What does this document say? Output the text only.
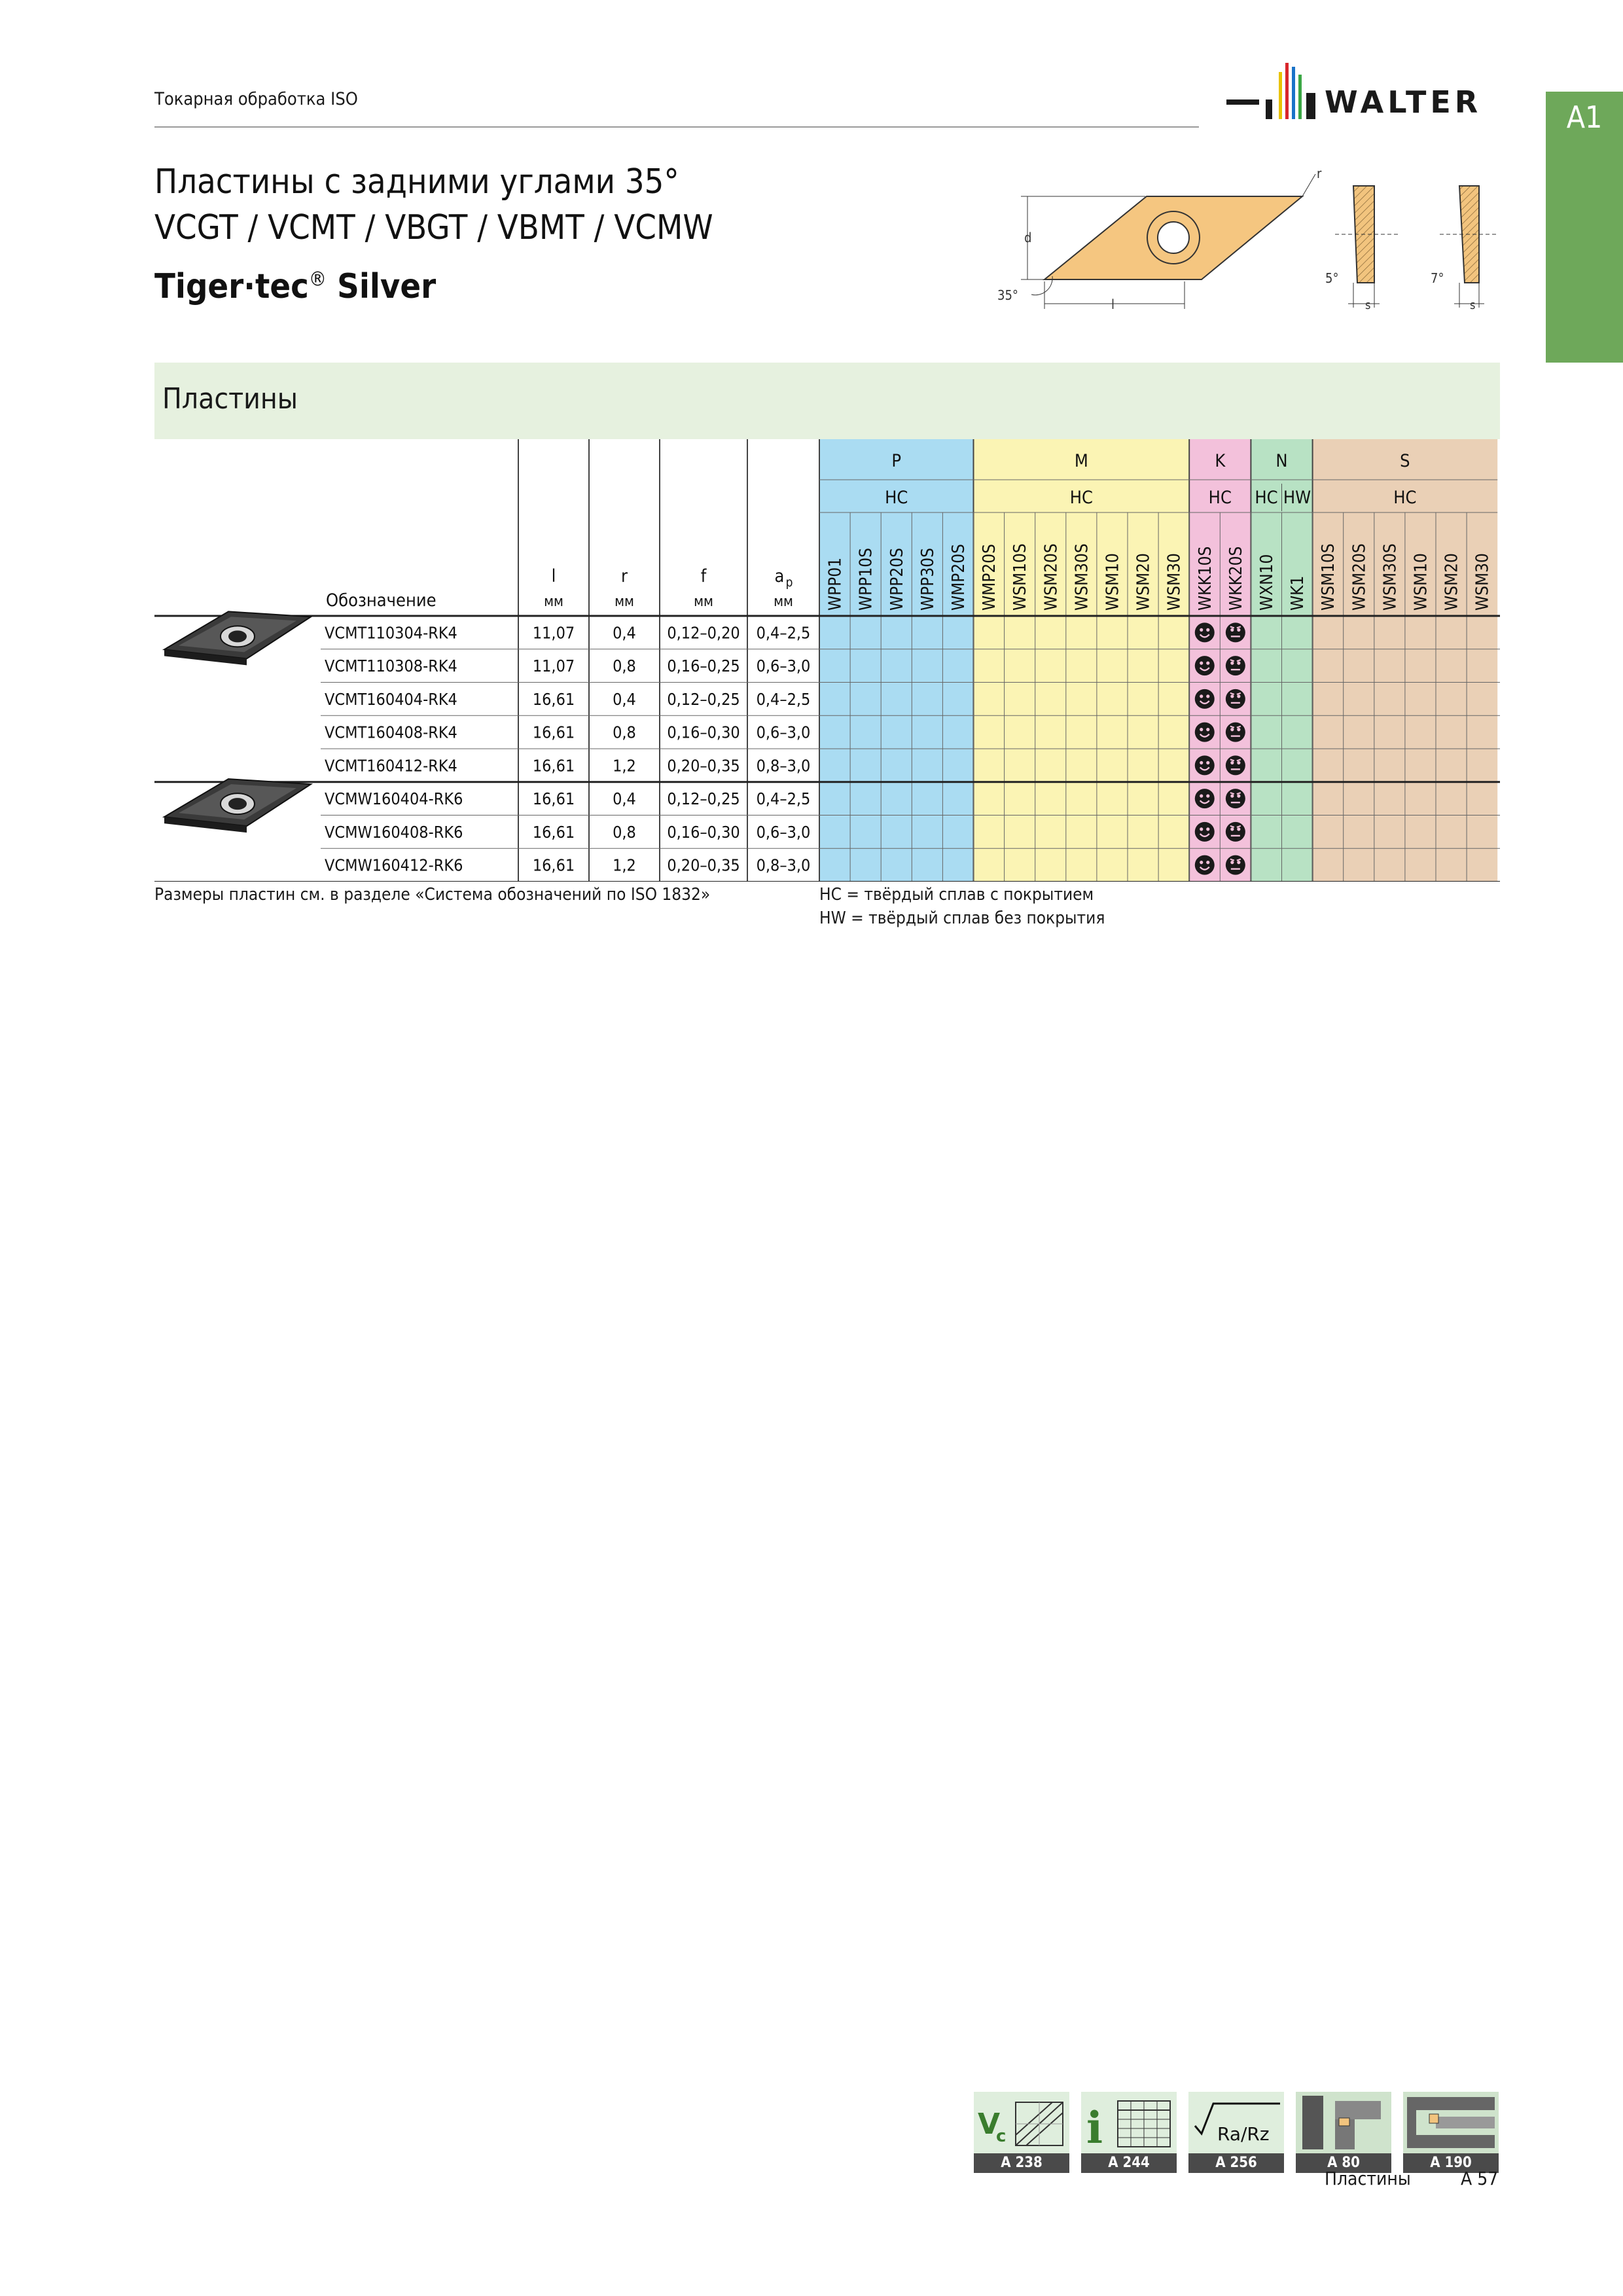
Токарная обработка ISO	WALTER	A1
Пластины с задними углами 35°
VCGT / VCMT / VBGT / VBMT / VCMW
Tiger·tec® Silver
d
l
r
35°
5°
s
7°
s
Пластины
P
HC
WPP01 WPP10S WPP20S WPP30S WMP20S
M
HC
WMP20S WSM10S WSM20S WSM30S WSM10 WSM20 WSM30
K
HC
WKK10S WKK20S
N
HC HW
WXN10 WK1
S
HC
WSM10S WSM20S WSM30S WSM10 WSM20 WSM30
Обозначение
l
мм
r
мм
f
мм
a p
мм
VCMT110304-RK4	11,07 0,4 0,12–0,20 0,4–2,5
VCMT110308-RK4	11,07 0,8 0,16–0,25 0,6–3,0
VCMT160404-RK4	16,61 0,4 0,12–0,25 0,4–2,5
VCMT160408-RK4	16,61 0,8 0,16–0,30 0,6–3,0
VCMT160412-RK4	16,61 1,2 0,20–0,35 0,8–3,0
VCMW160404-RK6	16,61 0,4 0,12–0,25 0,4–2,5
VCMW160408-RK6	16,61 0,8 0,16–0,30 0,6–3,0
VCMW160412-RK6	16,61 1,2 0,20–0,35 0,8–3,0
Размеры пластин см. в разделе «Система обозначений по ISO 1832»	HC = твёрдый сплав с покрытием
HW = твёрдый сплав без покрытия
V
c
A 238
i
A 244
Ra/Rz
A 256	A 80	A 190
Пластины	A 57
